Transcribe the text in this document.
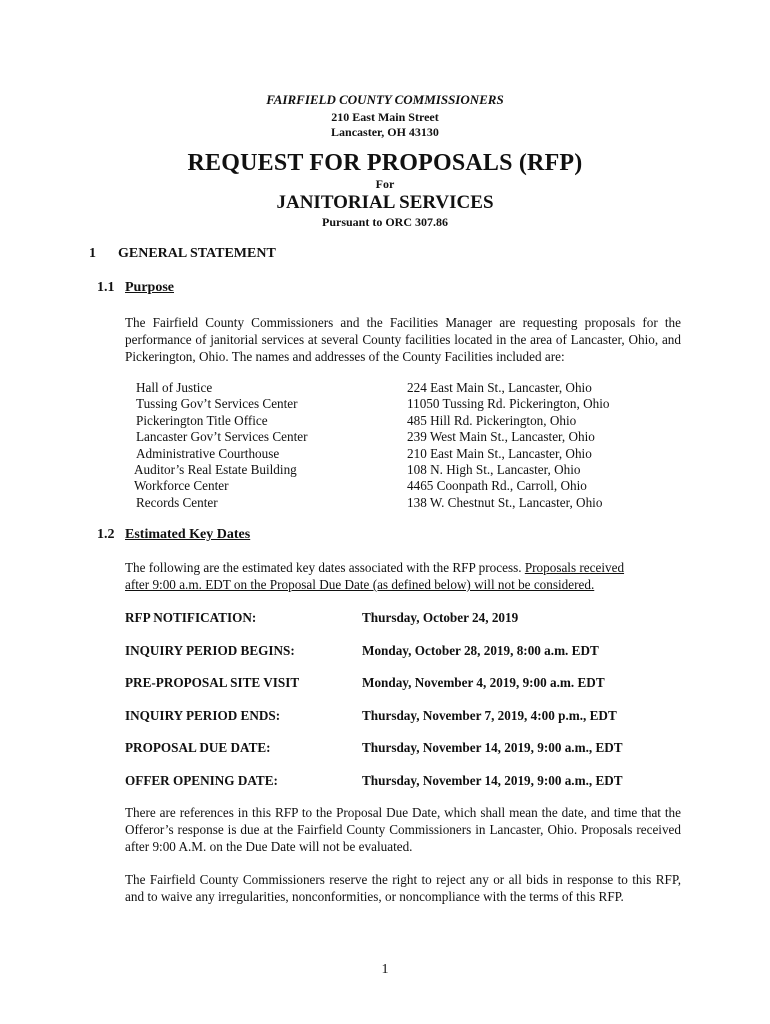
FAIRFIELD COUNTY COMMISSIONERS
210 East Main Street
Lancaster, OH 43130
REQUEST FOR PROPOSALS (RFP)
For
JANITORIAL SERVICES
Pursuant to ORC 307.86
1 GENERAL STATEMENT
1.1 Purpose
The Fairfield County Commissioners and the Facilities Manager are requesting proposals for the performance of janitorial services at several County facilities located in the area of Lancaster, Ohio, and Pickerington, Ohio. The names and addresses of the County Facilities included are:
Hall of Justice	224 East Main St., Lancaster, Ohio
Tussing Gov’t Services Center	11050 Tussing Rd. Pickerington, Ohio
Pickerington Title Office	485 Hill Rd. Pickerington, Ohio
Lancaster Gov’t Services Center	239 West Main St., Lancaster, Ohio
Administrative Courthouse	210 East Main St., Lancaster, Ohio
Auditor’s Real Estate Building	108 N. High St., Lancaster, Ohio
Workforce Center	4465 Coonpath Rd., Carroll, Ohio
Records Center	138 W. Chestnut St., Lancaster, Ohio
1.2 Estimated Key Dates
The following are the estimated key dates associated with the RFP process. Proposals received
after 9:00 a.m. EDT on the Proposal Due Date (as defined below) will not be considered.
RFP NOTIFICATION:	Thursday, October 24, 2019
INQUIRY PERIOD BEGINS:	Monday, October 28, 2019, 8:00 a.m. EDT
PRE-PROPOSAL SITE VISIT	Monday, November 4, 2019, 9:00 a.m. EDT
INQUIRY PERIOD ENDS:	Thursday, November 7, 2019, 4:00 p.m., EDT
PROPOSAL DUE DATE:	Thursday, November 14, 2019, 9:00 a.m., EDT
OFFER OPENING DATE:	Thursday, November 14, 2019, 9:00 a.m., EDT
There are references in this RFP to the Proposal Due Date, which shall mean the date, and time that the Offeror’s response is due at the Fairfield County Commissioners in Lancaster, Ohio. Proposals received after 9:00 A.M. on the Due Date will not be evaluated.
The Fairfield County Commissioners reserve the right to reject any or all bids in response to this RFP, and to waive any irregularities, nonconformities, or noncompliance with the terms of this RFP.
1
